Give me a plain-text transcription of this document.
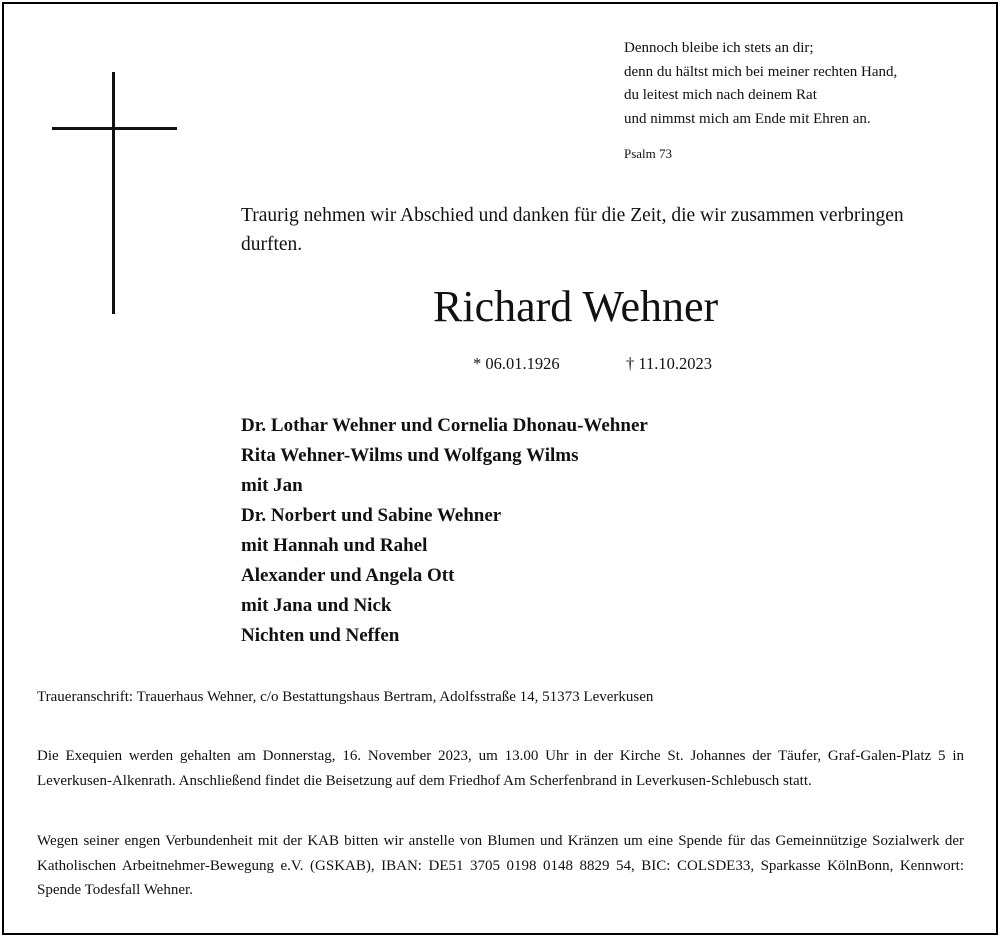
Dennoch bleibe ich stets an dir;
denn du hältst mich bei meiner rechten Hand,
du leitest mich nach deinem Rat
und nimmst mich am Ende mit Ehren an.
Psalm 73
Traurig nehmen wir Abschied und danken für die Zeit, die wir zusammen verbringen durften.
Richard Wehner
* 06.01.1926	† 11.10.2023
Dr. Lothar Wehner und Cornelia Dhonau-Wehner
Rita Wehner-Wilms und Wolfgang Wilms
mit Jan
Dr. Norbert und Sabine Wehner
mit Hannah und Rahel
Alexander und Angela Ott
mit Jana und Nick
Nichten und Neffen
Traueranschrift: Trauerhaus Wehner, c/o Bestattungshaus Bertram, Adolfsstraße 14, 51373 Leverkusen
Die Exequien werden gehalten am Donnerstag, 16. November 2023, um 13.00 Uhr in der Kirche St. Johannes der Täufer, Graf-Galen-Platz 5 in Leverkusen-Alkenrath. Anschließend findet die Beisetzung auf dem Friedhof Am Scherfenbrand in Leverkusen-Schlebusch statt.
Wegen seiner engen Verbundenheit mit der KAB bitten wir anstelle von Blumen und Kränzen um eine Spende für das Gemeinnützige Sozialwerk der Katholischen Arbeitnehmer-Bewegung e.V. (GSKAB), IBAN: DE51 3705 0198 0148 8829 54, BIC: COLSDE33, Sparkasse KölnBonn, Kennwort: Spende Todesfall Wehner.
